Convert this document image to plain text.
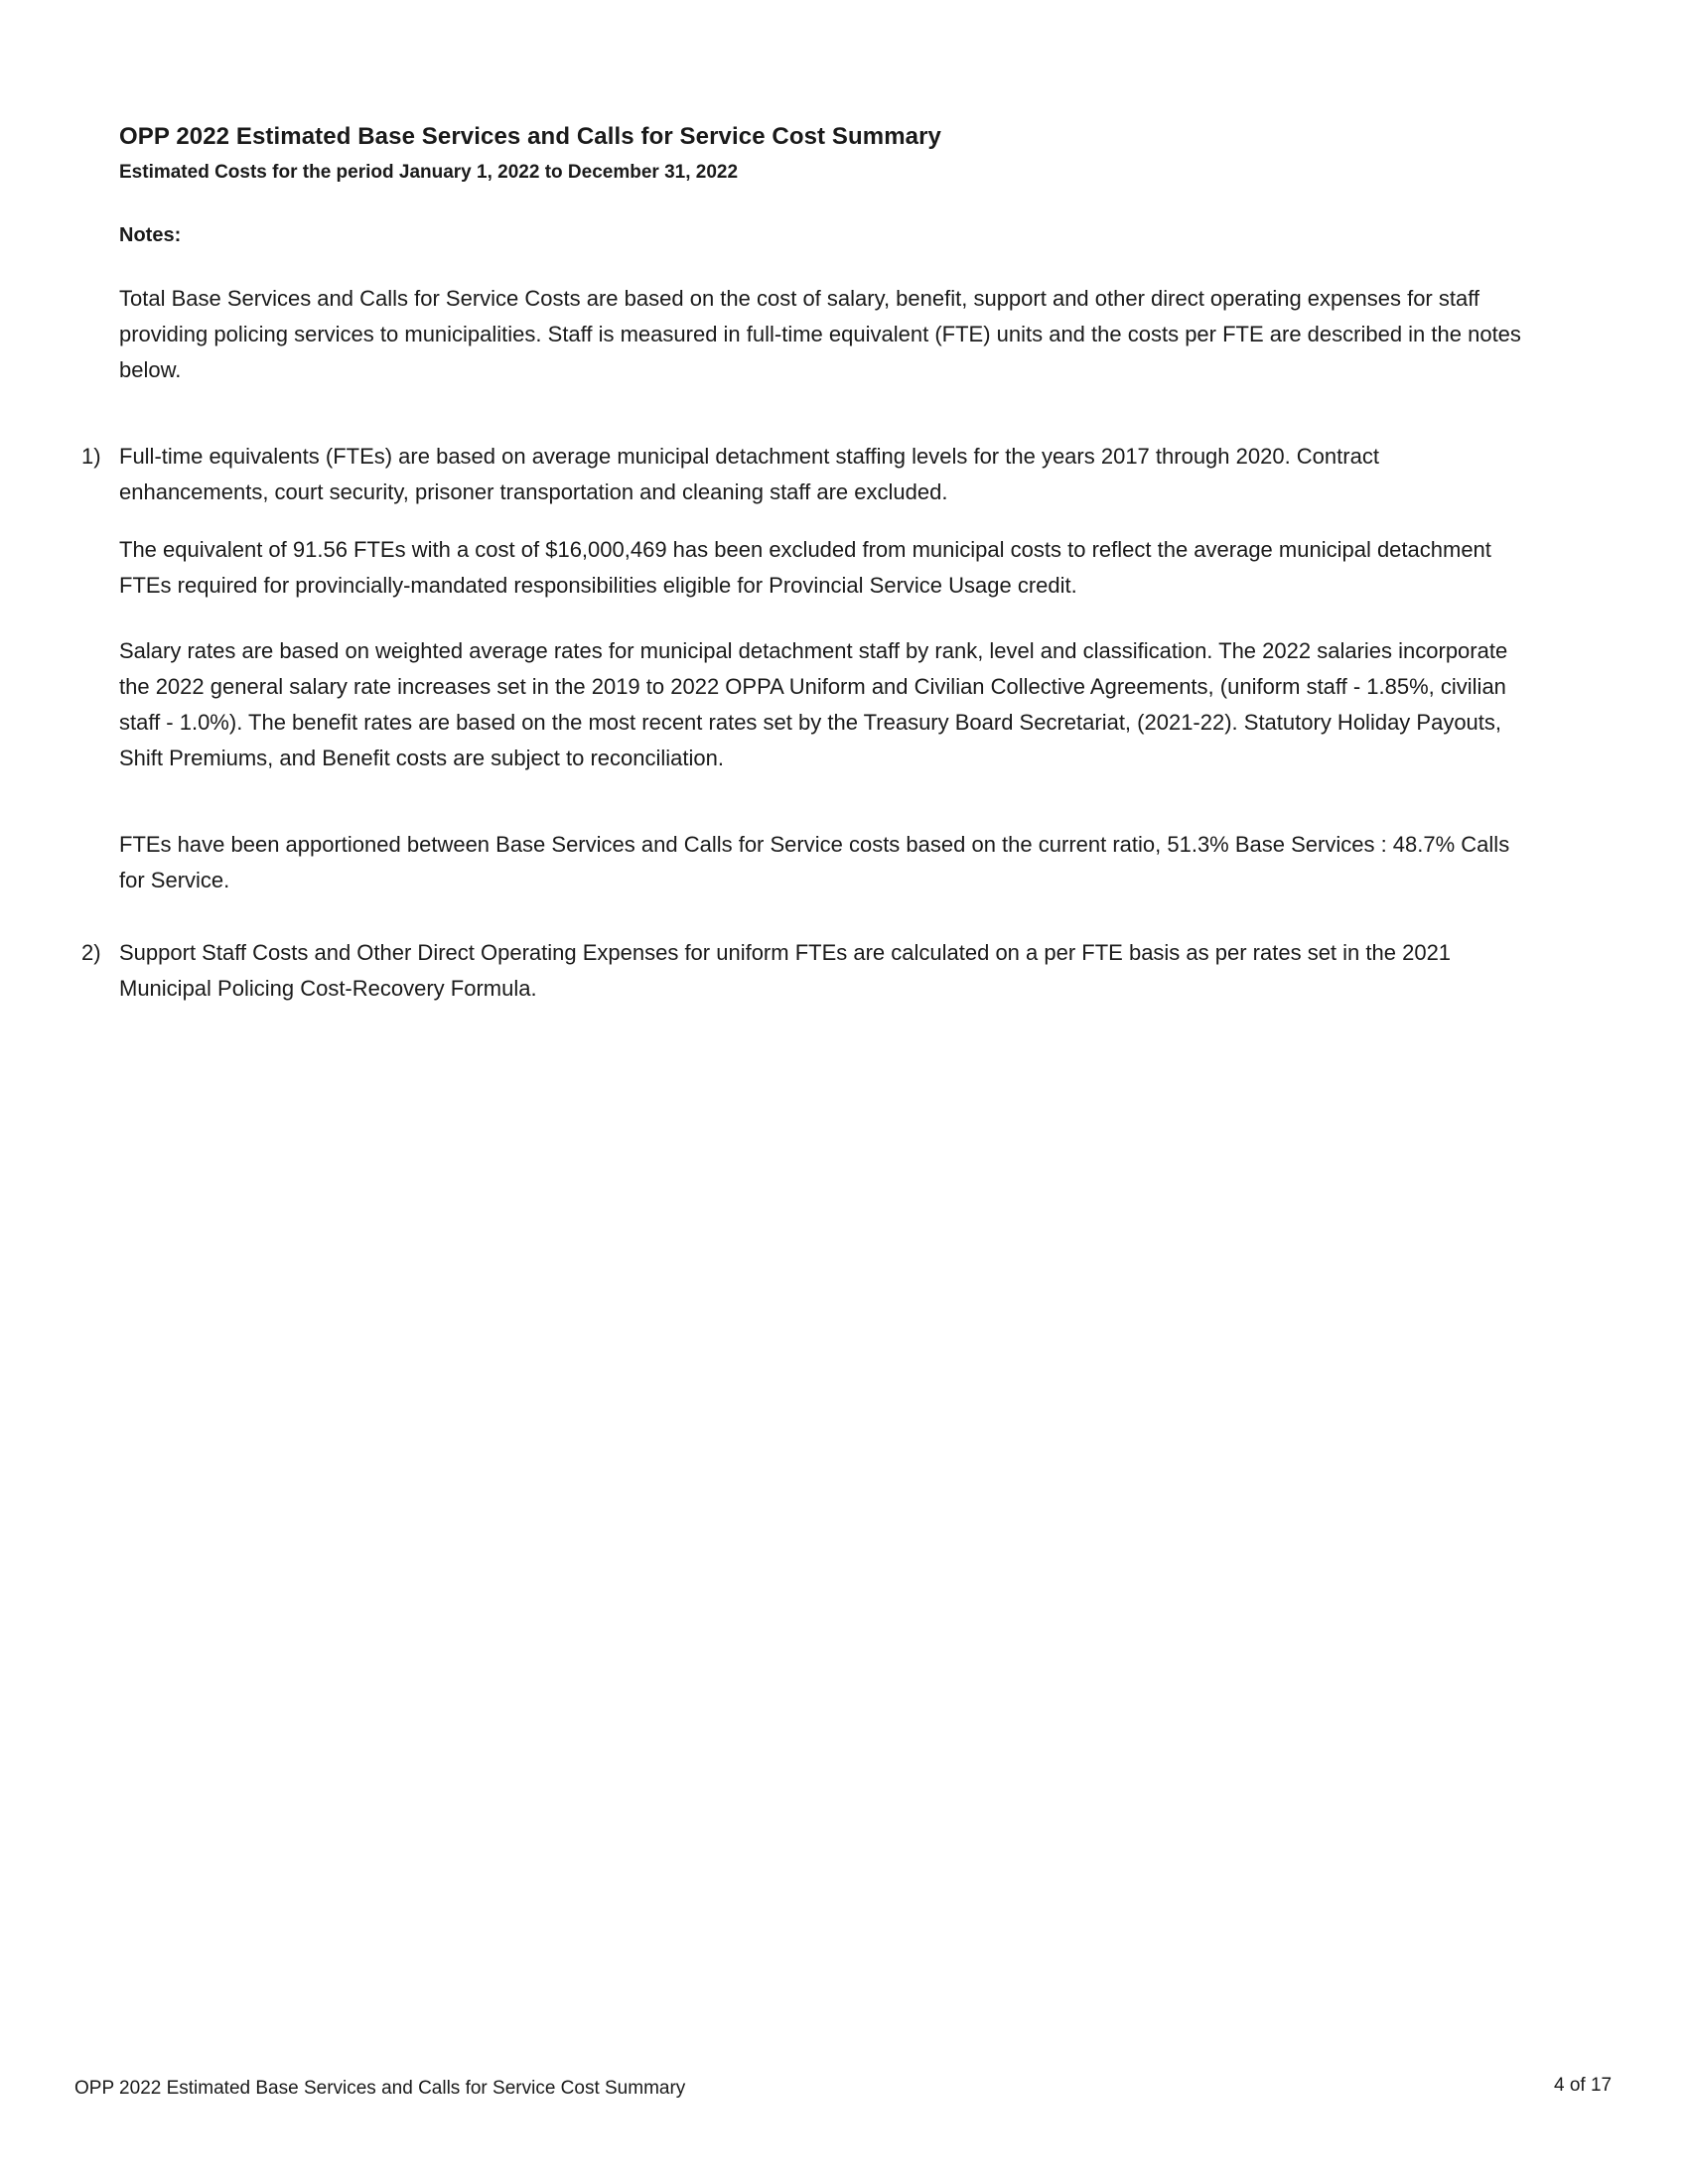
OPP 2022 Estimated Base Services and Calls for Service Cost Summary
Estimated Costs for the period January 1, 2022 to December 31, 2022
Notes:

Total Base Services and Calls for Service Costs are based on the cost of salary, benefit, support and other direct operating expenses for staff providing policing services to municipalities. Staff is measured in full-time equivalent (FTE) units and the costs per FTE are described in the notes below.

1) Full-time equivalents (FTEs) are based on average municipal detachment staffing levels for the years 2017 through 2020. Contract enhancements, court security, prisoner transportation and cleaning staff are excluded.

The equivalent of 91.56 FTEs with a cost of $16,000,469 has been excluded from municipal costs to reflect the average municipal detachment FTEs required for provincially-mandated responsibilities eligible for Provincial Service Usage credit.

Salary rates are based on weighted average rates for municipal detachment staff by rank, level and classification. The 2022 salaries incorporate the 2022 general salary rate increases set in the 2019 to 2022 OPPA Uniform and Civilian Collective Agreements, (uniform staff - 1.85%, civilian staff - 1.0%). The benefit rates are based on the most recent rates set by the Treasury Board Secretariat, (2021-22). Statutory Holiday Payouts, Shift Premiums, and Benefit costs are subject to reconciliation.

FTEs have been apportioned between Base Services and Calls for Service costs based on the current ratio, 51.3% Base Services : 48.7% Calls for Service.

2) Support Staff Costs and Other Direct Operating Expenses for uniform FTEs are calculated on a per FTE basis as per rates set in the 2021 Municipal Policing Cost-Recovery Formula.

OPP 2022 Estimated Base Services and Calls for Service Cost Summary	4 of 17
